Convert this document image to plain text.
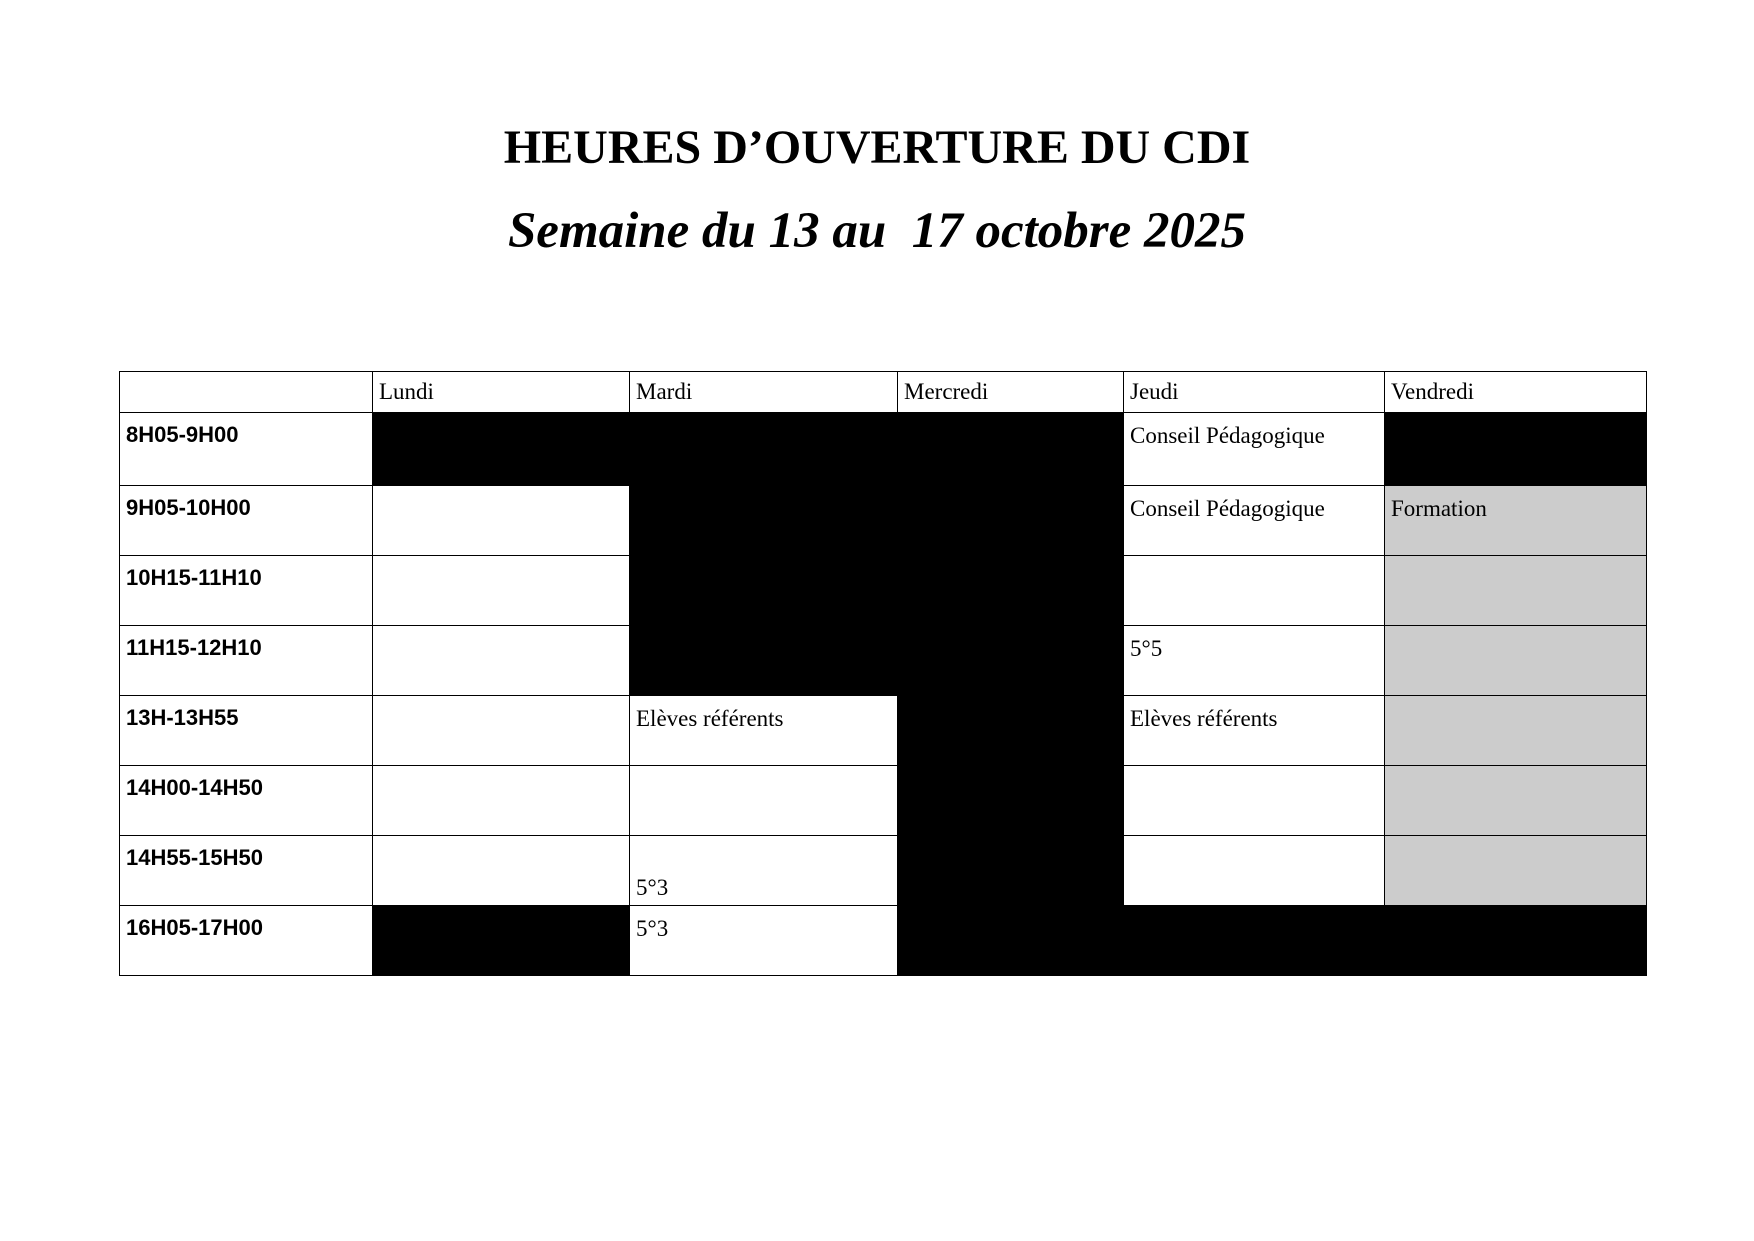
HEURES D’OUVERTURE DU CDI
Semaine du 13 au  17 octobre 2025
	Lundi	Mardi	Mercredi	Jeudi	Vendredi
8H05-9H00				Conseil Pédagogique	
9H05-10H00				Conseil Pédagogique	Formation
10H15-11H10					
11H15-12H10				5°5	
13H-13H55		Elèves référents		Elèves référents	
14H00-14H50					
14H55-15H50		5°3			
16H05-17H00		5°3			
